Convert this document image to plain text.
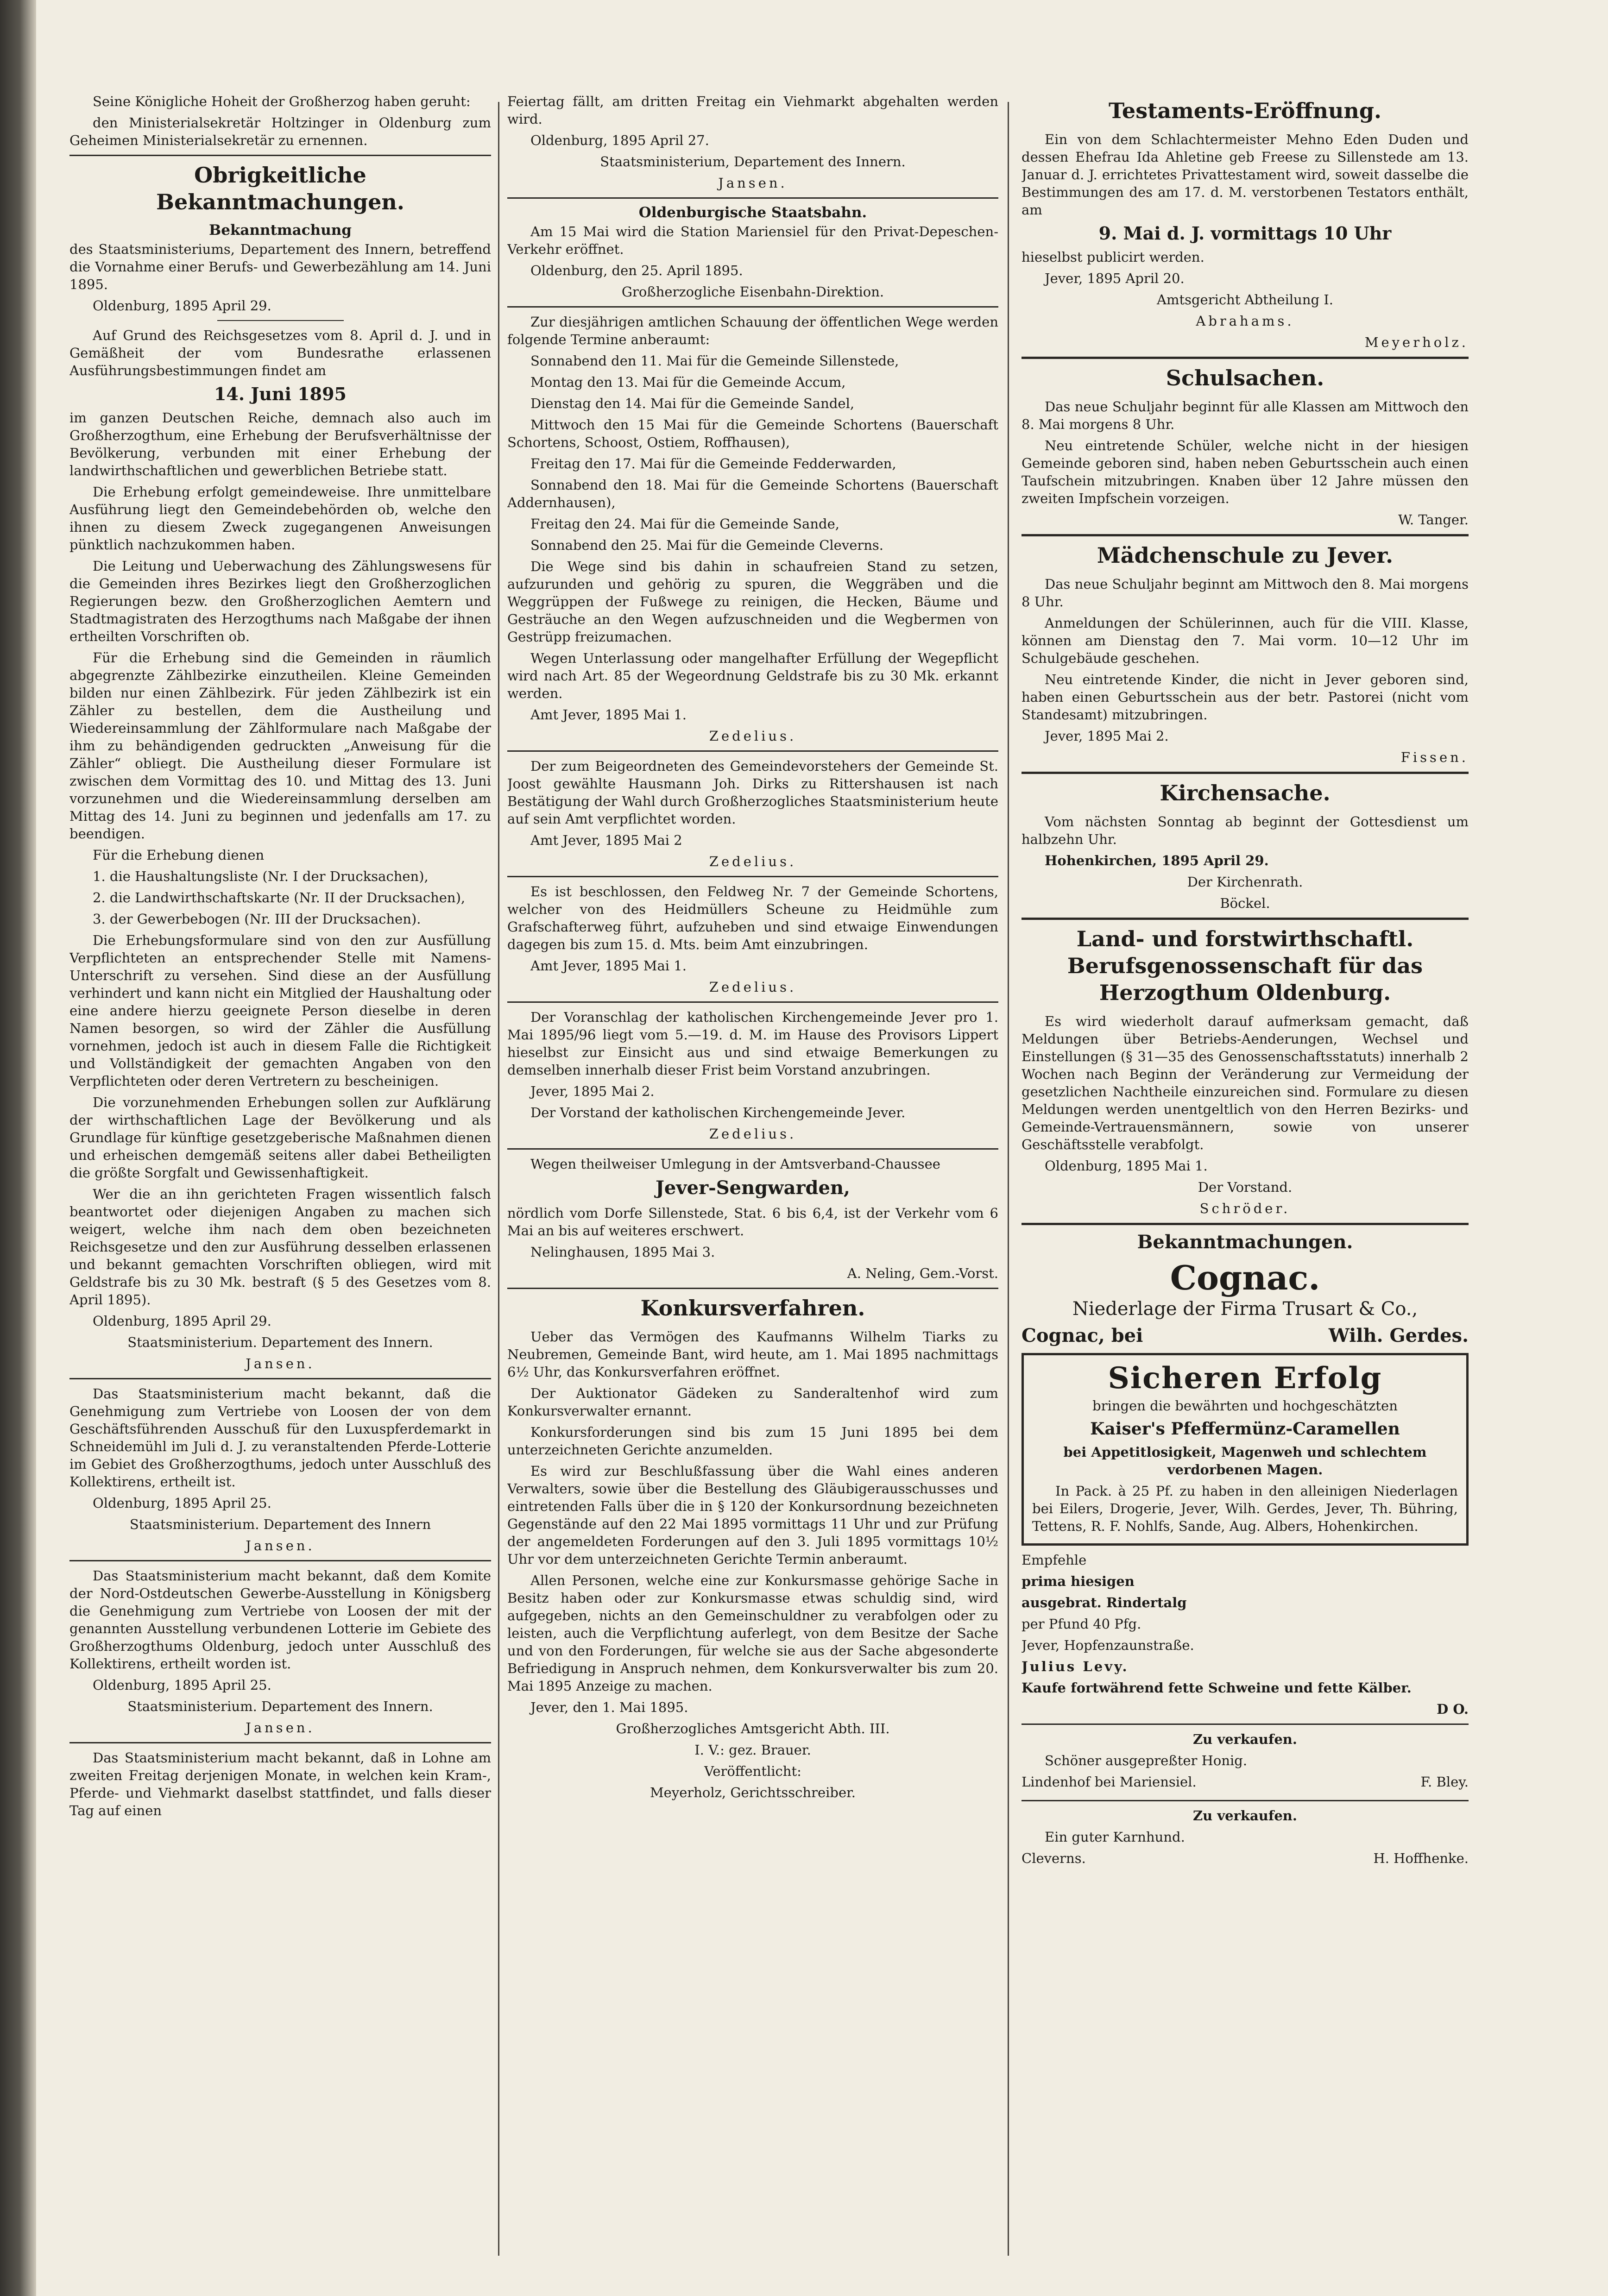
Seine Königliche Hoheit der Großherzog haben geruht:

den Ministerialsekretär Holtzinger in Oldenburg zum Geheimen Ministerialsekretär zu ernennen.

Obrigkeitliche Bekanntmachungen.
Bekanntmachung

des Staatsministeriums, Departement des Innern, betreffend die Vornahme einer Berufs- und Gewerbezählung am 14. Juni 1895.

Oldenburg, 1895 April 29.

Auf Grund des Reichsgesetzes vom 8. April d. J. und in Gemäßheit der vom Bundesrathe erlassenen Ausführungsbestimmungen findet am

14. Juni 1895

im ganzen Deutschen Reiche, demnach also auch im Großherzogthum, eine Erhebung der Berufsverhältnisse der Bevölkerung, verbunden mit einer Erhebung der landwirthschaftlichen und gewerblichen Betriebe statt.

Die Erhebung erfolgt gemeindeweise. Ihre unmittelbare Ausführung liegt den Gemeindebehörden ob, welche den ihnen zu diesem Zweck zugegangenen Anweisungen pünktlich nachzukommen haben.

Die Leitung und Ueberwachung des Zählungswesens für die Gemeinden ihres Bezirkes liegt den Großherzoglichen Regierungen bezw. den Großherzoglichen Aemtern und Stadtmagistraten des Herzogthums nach Maßgabe der ihnen ertheilten Vorschriften ob.

Für die Erhebung sind die Gemeinden in räumlich abgegrenzte Zählbezirke einzutheilen. Kleine Gemeinden bilden nur einen Zählbezirk. Für jeden Zählbezirk ist ein Zähler zu bestellen, dem die Austheilung und Wiedereinsammlung der Zählformulare nach Maßgabe der ihm zu behändigenden gedruckten „Anweisung für die Zähler“ obliegt. Die Austheilung dieser Formulare ist zwischen dem Vormittag des 10. und Mittag des 13. Juni vorzunehmen und die Wiedereinsammlung derselben am Mittag des 14. Juni zu beginnen und jedenfalls am 17. zu beendigen.

Für die Erhebung dienen

1. die Haushaltungsliste (Nr. I der Drucksachen),

2. die Landwirthschaftskarte (Nr. II der Drucksachen),

3. der Gewerbebogen (Nr. III der Drucksachen).

Die Erhebungsformulare sind von den zur Ausfüllung Verpflichteten an entsprechender Stelle mit Namens-Unterschrift zu versehen. Sind diese an der Ausfüllung verhindert und kann nicht ein Mitglied der Haushaltung oder eine andere hierzu geeignete Person dieselbe in deren Namen besorgen, so wird der Zähler die Ausfüllung vornehmen, jedoch ist auch in diesem Falle die Richtigkeit und Vollständigkeit der gemachten Angaben von den Verpflichteten oder deren Vertretern zu bescheinigen.

Die vorzunehmenden Erhebungen sollen zur Aufklärung der wirthschaftlichen Lage der Bevölkerung und als Grundlage für künftige gesetzgeberische Maßnahmen dienen und erheischen demgemäß seitens aller dabei Betheiligten die größte Sorgfalt und Gewissenhaftigkeit.

Wer die an ihn gerichteten Fragen wissentlich falsch beantwortet oder diejenigen Angaben zu machen sich weigert, welche ihm nach dem oben bezeichneten Reichsgesetze und den zur Ausführung desselben erlassenen und bekannt gemachten Vorschriften obliegen, wird mit Geldstrafe bis zu 30 Mk. bestraft (§ 5 des Gesetzes vom 8. April 1895).

Oldenburg, 1895 April 29.

Staatsministerium. Departement des Innern.

Jansen.

Das Staatsministerium macht bekannt, daß die Genehmigung zum Vertriebe von Loosen der von dem Geschäftsführenden Ausschuß für den Luxuspferdemarkt in Schneidemühl im Juli d. J. zu veranstaltenden Pferde-Lotterie im Gebiet des Großherzogthums, jedoch unter Ausschluß des Kollektirens, ertheilt ist.

Oldenburg, 1895 April 25.

Staatsministerium. Departement des Innern

Jansen.

Das Staatsministerium macht bekannt, daß dem Komite der Nord-Ostdeutschen Gewerbe-Ausstellung in Königsberg die Genehmigung zum Vertriebe von Loosen der mit der genannten Ausstellung verbundenen Lotterie im Gebiete des Großherzogthums Oldenburg, jedoch unter Ausschluß des Kollektirens, ertheilt worden ist.

Oldenburg, 1895 April 25.

Staatsministerium. Departement des Innern.

Jansen.

Das Staatsministerium macht bekannt, daß in Lohne am zweiten Freitag derjenigen Monate, in welchen kein Kram-, Pferde- und Viehmarkt daselbst stattfindet, und falls dieser Tag auf einen

Feiertag fällt, am dritten Freitag ein Viehmarkt abgehalten werden wird.

Oldenburg, 1895 April 27.

Staatsministerium, Departement des Innern.

Jansen.

Oldenburgische Staatsbahn.

Am 15 Mai wird die Station Mariensiel für den Privat-Depeschen-Verkehr eröffnet.

Oldenburg, den 25. April 1895.

Großherzogliche Eisenbahn-Direktion.

Zur diesjährigen amtlichen Schauung der öffentlichen Wege werden folgende Termine anberaumt:

Sonnabend den 11. Mai für die Gemeinde Sillenstede,

Montag den 13. Mai für die Gemeinde Accum,

Dienstag den 14. Mai für die Gemeinde Sandel,

Mittwoch den 15 Mai für die Gemeinde Schortens (Bauerschaft Schortens, Schoost, Ostiem, Roffhausen),

Freitag den 17. Mai für die Gemeinde Fedderwarden,

Sonnabend den 18. Mai für die Gemeinde Schortens (Bauerschaft Addernhausen),

Freitag den 24. Mai für die Gemeinde Sande,

Sonnabend den 25. Mai für die Gemeinde Cleverns.

Die Wege sind bis dahin in schaufreien Stand zu setzen, aufzurunden und gehörig zu spuren, die Weggräben und die Weggrüppen der Fußwege zu reinigen, die Hecken, Bäume und Gesträuche an den Wegen aufzuschneiden und die Wegbermen von Gestrüpp freizumachen.

Wegen Unterlassung oder mangelhafter Erfüllung der Wegepflicht wird nach Art. 85 der Wegeordnung Geldstrafe bis zu 30 Mk. erkannt werden.

Amt Jever, 1895 Mai 1.

Zedelius.

Der zum Beigeordneten des Gemeindevorstehers der Gemeinde St. Joost gewählte Hausmann Joh. Dirks zu Rittershausen ist nach Bestätigung der Wahl durch Großherzogliches Staatsministerium heute auf sein Amt verpflichtet worden.

Amt Jever, 1895 Mai 2

Zedelius.

Es ist beschlossen, den Feldweg Nr. 7 der Gemeinde Schortens, welcher von des Heidmüllers Scheune zu Heidmühle zum Grafschafterweg führt, aufzuheben und sind etwaige Einwendungen dagegen bis zum 15. d. Mts. beim Amt einzubringen.

Amt Jever, 1895 Mai 1.

Zedelius.

Der Voranschlag der katholischen Kirchengemeinde Jever pro 1. Mai 1895/96 liegt vom 5.—19. d. M. im Hause des Provisors Lippert hieselbst zur Einsicht aus und sind etwaige Bemerkungen zu demselben innerhalb dieser Frist beim Vorstand anzubringen.

Jever, 1895 Mai 2.

Der Vorstand der katholischen Kirchengemeinde Jever.

Zedelius.

Wegen theilweiser Umlegung in der Amtsverband-Chaussee

Jever-Sengwarden,

nördlich vom Dorfe Sillenstede, Stat. 6 bis 6,4, ist der Verkehr vom 6 Mai an bis auf weiteres erschwert.

Nelinghausen, 1895 Mai 3.

A. Neling, Gem.-Vorst.

Konkursverfahren.

Ueber das Vermögen des Kaufmanns Wilhelm Tiarks zu Neubremen, Gemeinde Bant, wird heute, am 1. Mai 1895 nachmittags 6½ Uhr, das Konkursverfahren eröffnet.

Der Auktionator Gädeken zu Sanderaltenhof wird zum Konkursverwalter ernannt.

Konkursforderungen sind bis zum 15 Juni 1895 bei dem unterzeichneten Gerichte anzumelden.

Es wird zur Beschlußfassung über die Wahl eines anderen Verwalters, sowie über die Bestellung des Gläubigerausschusses und eintretenden Falls über die in § 120 der Konkursordnung bezeichneten Gegenstände auf den 22 Mai 1895 vormittags 11 Uhr und zur Prüfung der angemeldeten Forderungen auf den 3. Juli 1895 vormittags 10½ Uhr vor dem unterzeichneten Gerichte Termin anberaumt.

Allen Personen, welche eine zur Konkursmasse gehörige Sache in Besitz haben oder zur Konkursmasse etwas schuldig sind, wird aufgegeben, nichts an den Gemeinschuldner zu verabfolgen oder zu leisten, auch die Verpflichtung auferlegt, von dem Besitze der Sache und von den Forderungen, für welche sie aus der Sache abgesonderte Befriedigung in Anspruch nehmen, dem Konkursverwalter bis zum 20. Mai 1895 Anzeige zu machen.

Jever, den 1. Mai 1895.

Großherzogliches Amtsgericht Abth. III.

I. V.: gez. Brauer.

Veröffentlicht:

Meyerholz, Gerichtsschreiber.

Testaments-Eröffnung.

Ein von dem Schlachtermeister Mehno Eden Duden und dessen Ehefrau Ida Ahletine geb Freese zu Sillenstede am 13. Januar d. J. errichtetes Privattestament wird, soweit dasselbe die Bestimmungen des am 17. d. M. verstorbenen Testators enthält, am

9. Mai d. J. vormittags 10 Uhr

hieselbst publicirt werden.

Jever, 1895 April 20.

Amtsgericht Abtheilung I.

Abrahams.

Meyerholz.

Schulsachen.

Das neue Schuljahr beginnt für alle Klassen am Mittwoch den 8. Mai morgens 8 Uhr.

Neu eintretende Schüler, welche nicht in der hiesigen Gemeinde geboren sind, haben neben Geburtsschein auch einen Taufschein mitzubringen. Knaben über 12 Jahre müssen den zweiten Impfschein vorzeigen.

W. Tanger.

Mädchenschule zu Jever.

Das neue Schuljahr beginnt am Mittwoch den 8. Mai morgens 8 Uhr.

Anmeldungen der Schülerinnen, auch für die VIII. Klasse, können am Dienstag den 7. Mai vorm. 10—12 Uhr im Schulgebäude geschehen.

Neu eintretende Kinder, die nicht in Jever geboren sind, haben einen Geburtsschein aus der betr. Pastorei (nicht vom Standesamt) mitzubringen.

Jever, 1895 Mai 2.

Fissen.

Kirchensache.

Vom nächsten Sonntag ab beginnt der Gottesdienst um halbzehn Uhr.

Hohenkirchen, 1895 April 29.

Der Kirchenrath.

Böckel.

Land- und forstwirthschaftl. Berufsgenossenschaft für das Herzogthum Oldenburg.

Es wird wiederholt darauf aufmerksam gemacht, daß Meldungen über Betriebs-Aenderungen, Wechsel und Einstellungen (§ 31—35 des Genossenschaftsstatuts) innerhalb 2 Wochen nach Beginn der Veränderung zur Vermeidung der gesetzlichen Nachtheile einzureichen sind. Formulare zu diesen Meldungen werden unentgeltlich von den Herren Bezirks- und Gemeinde-Vertrauensmännern, sowie von unserer Geschäftsstelle verabfolgt.

Oldenburg, 1895 Mai 1.

Der Vorstand.

Schröder.

Bekanntmachungen.
Cognac.

Niederlage der Firma Trusart & Co.,

Cognac, bei	Wilh. Gerdes.
Sicheren Erfolg

bringen die bewährten und hochgeschätzten

Kaiser's Pfeffermünz-Caramellen

bei Appetitlosigkeit, Magenweh und schlechtem verdorbenen Magen.

In Pack. à 25 Pf. zu haben in den alleinigen Niederlagen bei Eilers, Drogerie, Jever, Wilh. Gerdes, Jever, Th. Bühring, Tettens, R. F. Nohlfs, Sande, Aug. Albers, Hohenkirchen.

Empfehle

prima hiesigen

ausgebrat. Rindertalg

per Pfund 40 Pfg.

Jever, Hopfenzaunstraße.

Julius Levy.

Kaufe fortwährend fette Schweine und fette Kälber.

D O.

Zu verkaufen.

Schöner ausgepreßter Honig.

Lindenhof bei Mariensiel.	F. Bley.

Zu verkaufen.

Ein guter Karnhund.

Cleverns.	H. Hoffhenke.
